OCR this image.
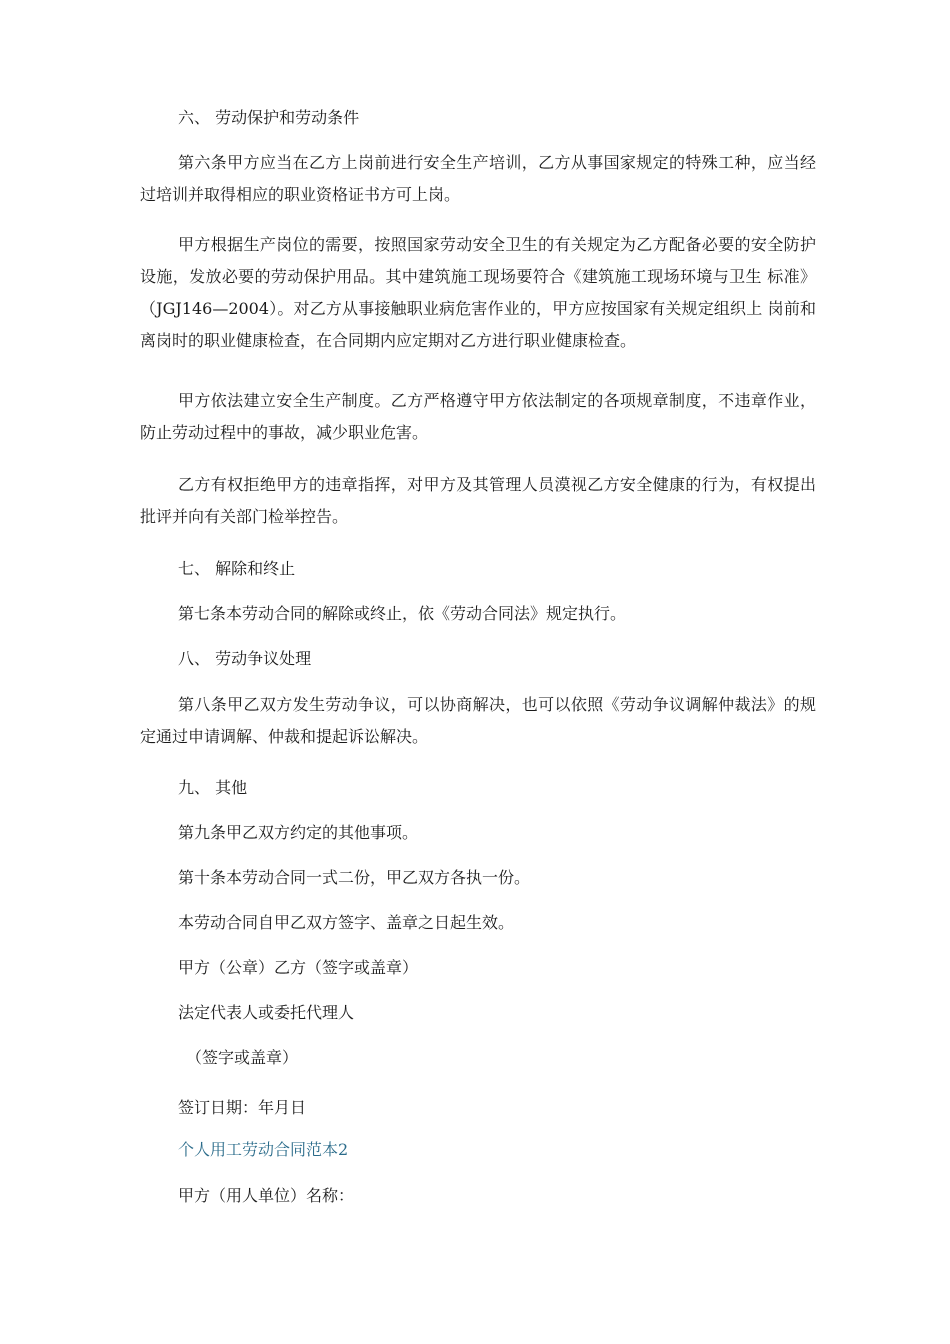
六、 劳动保护和劳动条件

第六条甲方应当在乙方上岗前进行安全生产培训，乙方从事国家规定的特殊工种，应当经过培训并取得相应的职业资格证书方可上岗。

甲方根据生产岗位的需要，按照国家劳动安全卫生的有关规定为乙方配备必要的安全防护设施，发放必要的劳动保护用品。其中建筑施工现场要符合《建筑施工现场环境与卫生 标准》（JGJ146—2004）。对乙方从事接触职业病危害作业的，甲方应按国家有关规定组织上 岗前和离岗时的职业健康检查，在合同期内应定期对乙方进行职业健康检查。

甲方依法建立安全生产制度。乙方严格遵守甲方依法制定的各项规章制度，不违章作业，防止劳动过程中的事故，减少职业危害。

乙方有权拒绝甲方的违章指挥，对甲方及其管理人员漠视乙方安全健康的行为，有权提出批评并向有关部门检举控告。

七、 解除和终止

第七条本劳动合同的解除或终止，依《劳动合同法》规定执行。

八、 劳动争议处理

第八条甲乙双方发生劳动争议，可以协商解决，也可以依照《劳动争议调解仲裁法》的规定通过申请调解、仲裁和提起诉讼解决。

九、 其他

第九条甲乙双方约定的其他事项。

第十条本劳动合同一式二份，甲乙双方各执一份。

本劳动合同自甲乙双方签字、盖章之日起生效。

甲方（公章）乙方（签字或盖章）

法定代表人或委托代理人

（签字或盖章）

签订日期：年月日

个人用工劳动合同范本2

甲方（用人单位）名称：
